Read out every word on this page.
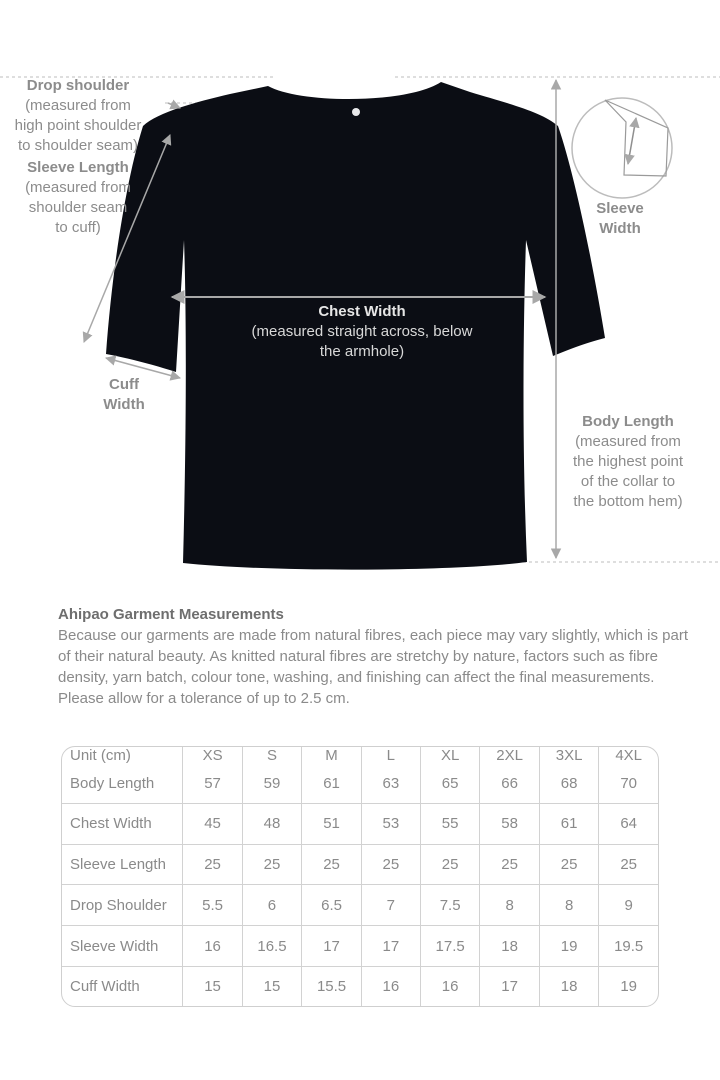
Drop shoulder
(measured from
high point shoulder
to shoulder seam)
Sleeve Length
(measured from
shoulder seam
to cuff)
Cuff
Width
Sleeve
Width
Chest Width
(measured straight across, below
the armhole)
Body Length
(measured from
the highest point
of the collar to
the bottom hem)
Ahipao Garment Measurements

Because our garments are made from natural fibres, each piece may vary slightly, which is part of their natural beauty. As knitted natural fibres are stretchy by nature, factors such as fibre density, yarn batch, colour tone, washing, and finishing can affect the final measurements. Please allow for a tolerance of up to 2.5 cm.

Unit (cm)	XS	S	M	L	XL	2XL	3XL	4XL
Body Length	57	59	61	63	65	66	68	70
Chest Width	45	48	51	53	55	58	61	64
Sleeve Length	25	25	25	25	25	25	25	25
Drop Shoulder	5.5	6	6.5	7	7.5	8	8	9
Sleeve Width	16	16.5	17	17	17.5	18	19	19.5
Cuff Width	15	15	15.5	16	16	17	18	19
